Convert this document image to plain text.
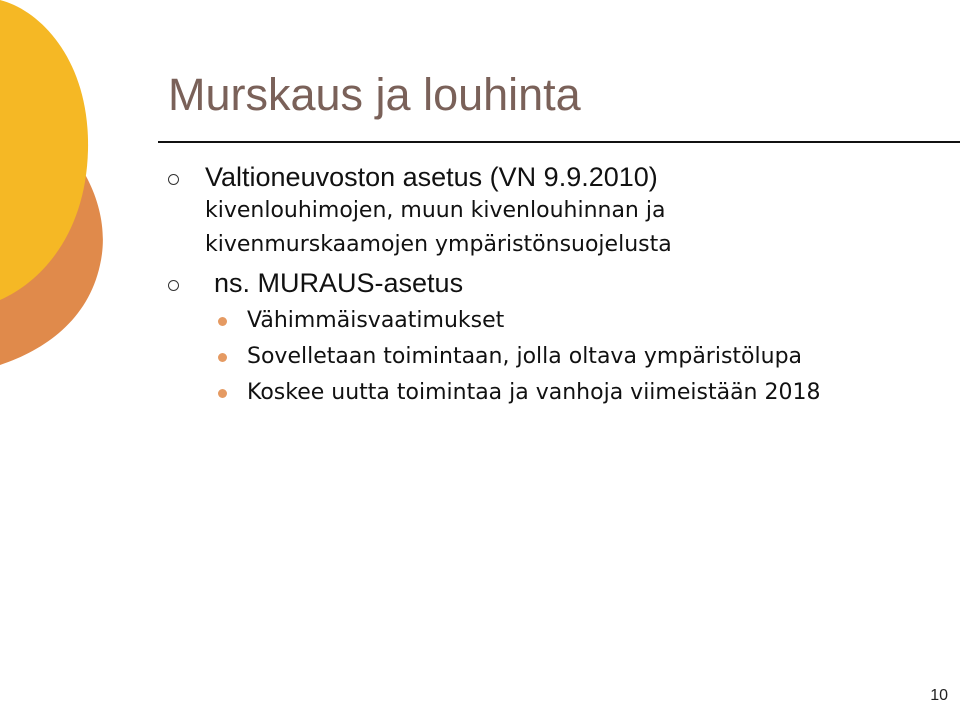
Murskaus ja louhinta
Valtioneuvoston asetus (VN 9.9.2010)
kivenlouhimojen, muun kivenlouhinnan ja
kivenmurskaamojen ympäristönsuojelusta
ns. MURAUS-asetus
Vähimmäisvaatimukset
Sovelletaan toimintaan, jolla oltava ympäristölupa
Koskee uutta toimintaa ja vanhoja viimeistään 2018
10
